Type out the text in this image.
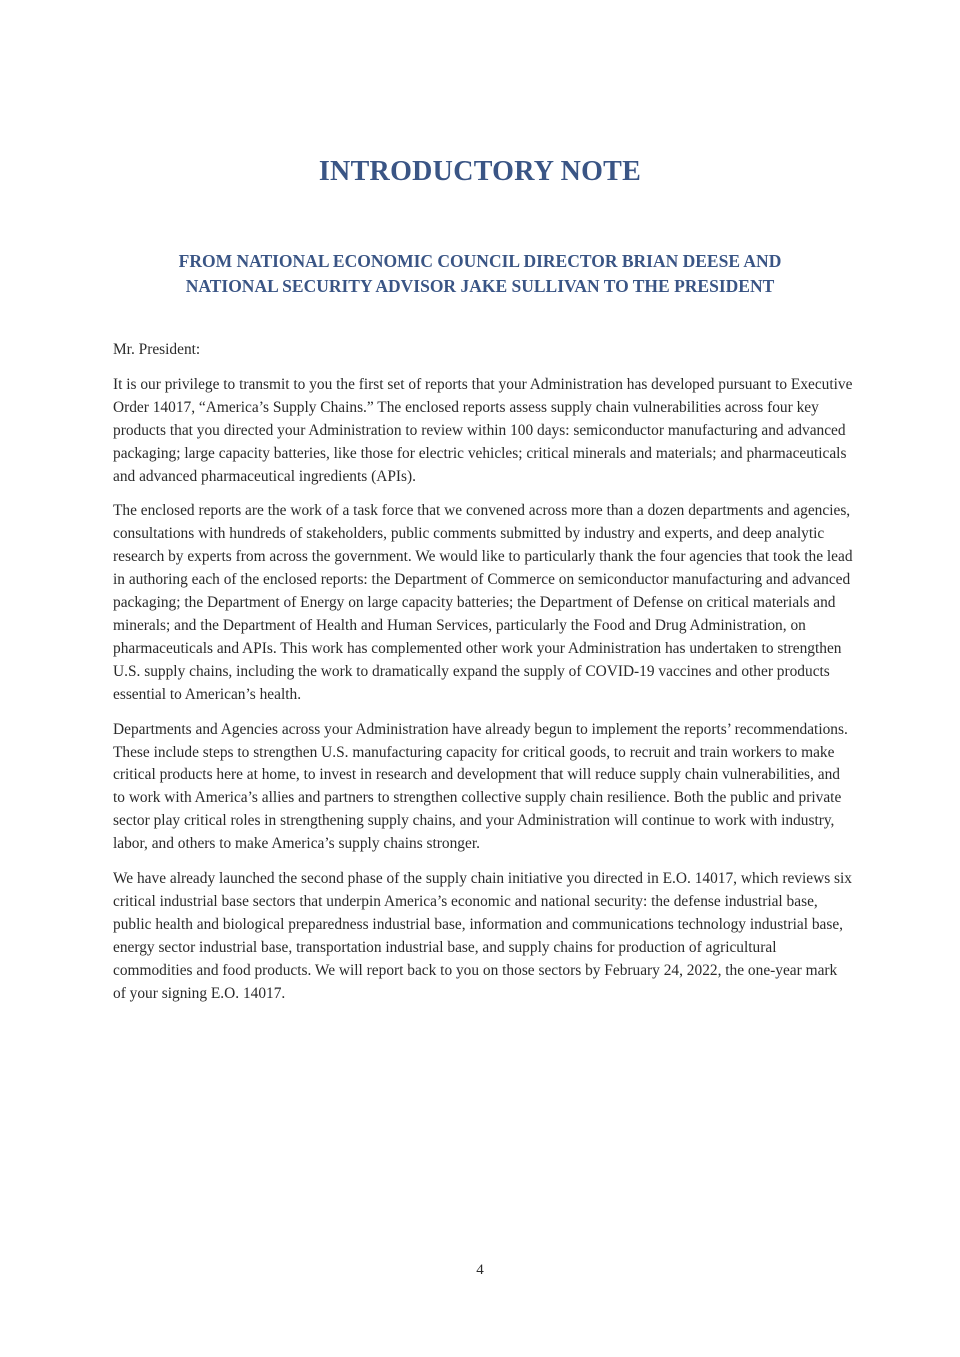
INTRODUCTORY NOTE
FROM NATIONAL ECONOMIC COUNCIL DIRECTOR BRIAN DEESE AND
NATIONAL SECURITY ADVISOR JAKE SULLIVAN TO THE PRESIDENT

Mr. President:

It is our privilege to transmit to you the first set of reports that your Administration has developed pursuant to Executive Order 14017, “America’s Supply Chains.” The enclosed reports assess supply chain vulnerabilities across four key products that you directed your Administration to review within 100 days: semiconductor manufacturing and advanced packaging; large capacity batteries, like those for electric vehicles; critical minerals and materials; and pharmaceuticals and advanced pharmaceutical ingredients (APIs).

The enclosed reports are the work of a task force that we convened across more than a dozen departments and agencies, consultations with hundreds of stakeholders, public comments submitted by industry and experts, and deep analytic research by experts from across the government. We would like to particularly thank the four agencies that took the lead in authoring each of the enclosed reports: the Department of Commerce on semiconductor manufacturing and advanced packaging; the Department of Energy on large capacity batteries; the Department of Defense on critical materials and minerals; and the Department of Health and Human Services, particularly the Food and Drug Administration, on pharmaceuticals and APIs. This work has complemented other work your Administration has undertaken to strengthen U.S. supply chains, including the work to dramatically expand the supply of COVID-19 vaccines and other products essential to American’s health.

Departments and Agencies across your Administration have already begun to implement the reports’ recommendations. These include steps to strengthen U.S. manufacturing capacity for critical goods, to recruit and train workers to make critical products here at home, to invest in research and development that will reduce supply chain vulnerabilities, and to work with America’s allies and partners to strengthen collective supply chain resilience. Both the public and private sector play critical roles in strengthening supply chains, and your Administration will continue to work with industry, labor, and others to make America’s supply chains stronger.

We have already launched the second phase of the supply chain initiative you directed in E.O. 14017, which reviews six critical industrial base sectors that underpin America’s economic and national security: the defense industrial base, public health and biological preparedness industrial base, information and communications technology industrial base, energy sector industrial base, transportation industrial base, and supply chains for production of agricultural commodities and food products. We will report back to you on those sectors by February 24, 2022, the one-year mark of your signing E.O. 14017.

4
